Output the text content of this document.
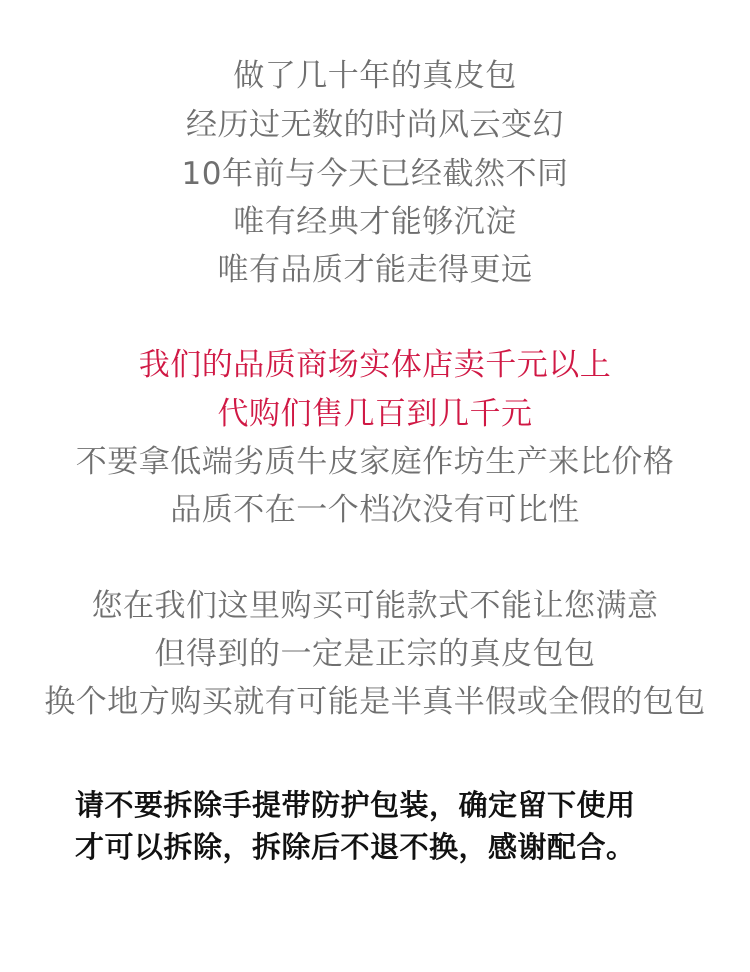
做了几十年的真皮包
经历过无数的时尚风云变幻
10年前与今天已经截然不同
唯有经典才能够沉淀
唯有品质才能走得更远
我们的品质商场实体店卖千元以上
代购们售几百到几千元
不要拿低端劣质牛皮家庭作坊生产来比价格
品质不在一个档次没有可比性
您在我们这里购买可能款式不能让您满意
但得到的一定是正宗的真皮包包
换个地方购买就有可能是半真半假或全假的包包
请不要拆除手提带防护包装，确定留下使用
才可以拆除，拆除后不退不换，感谢配合。
